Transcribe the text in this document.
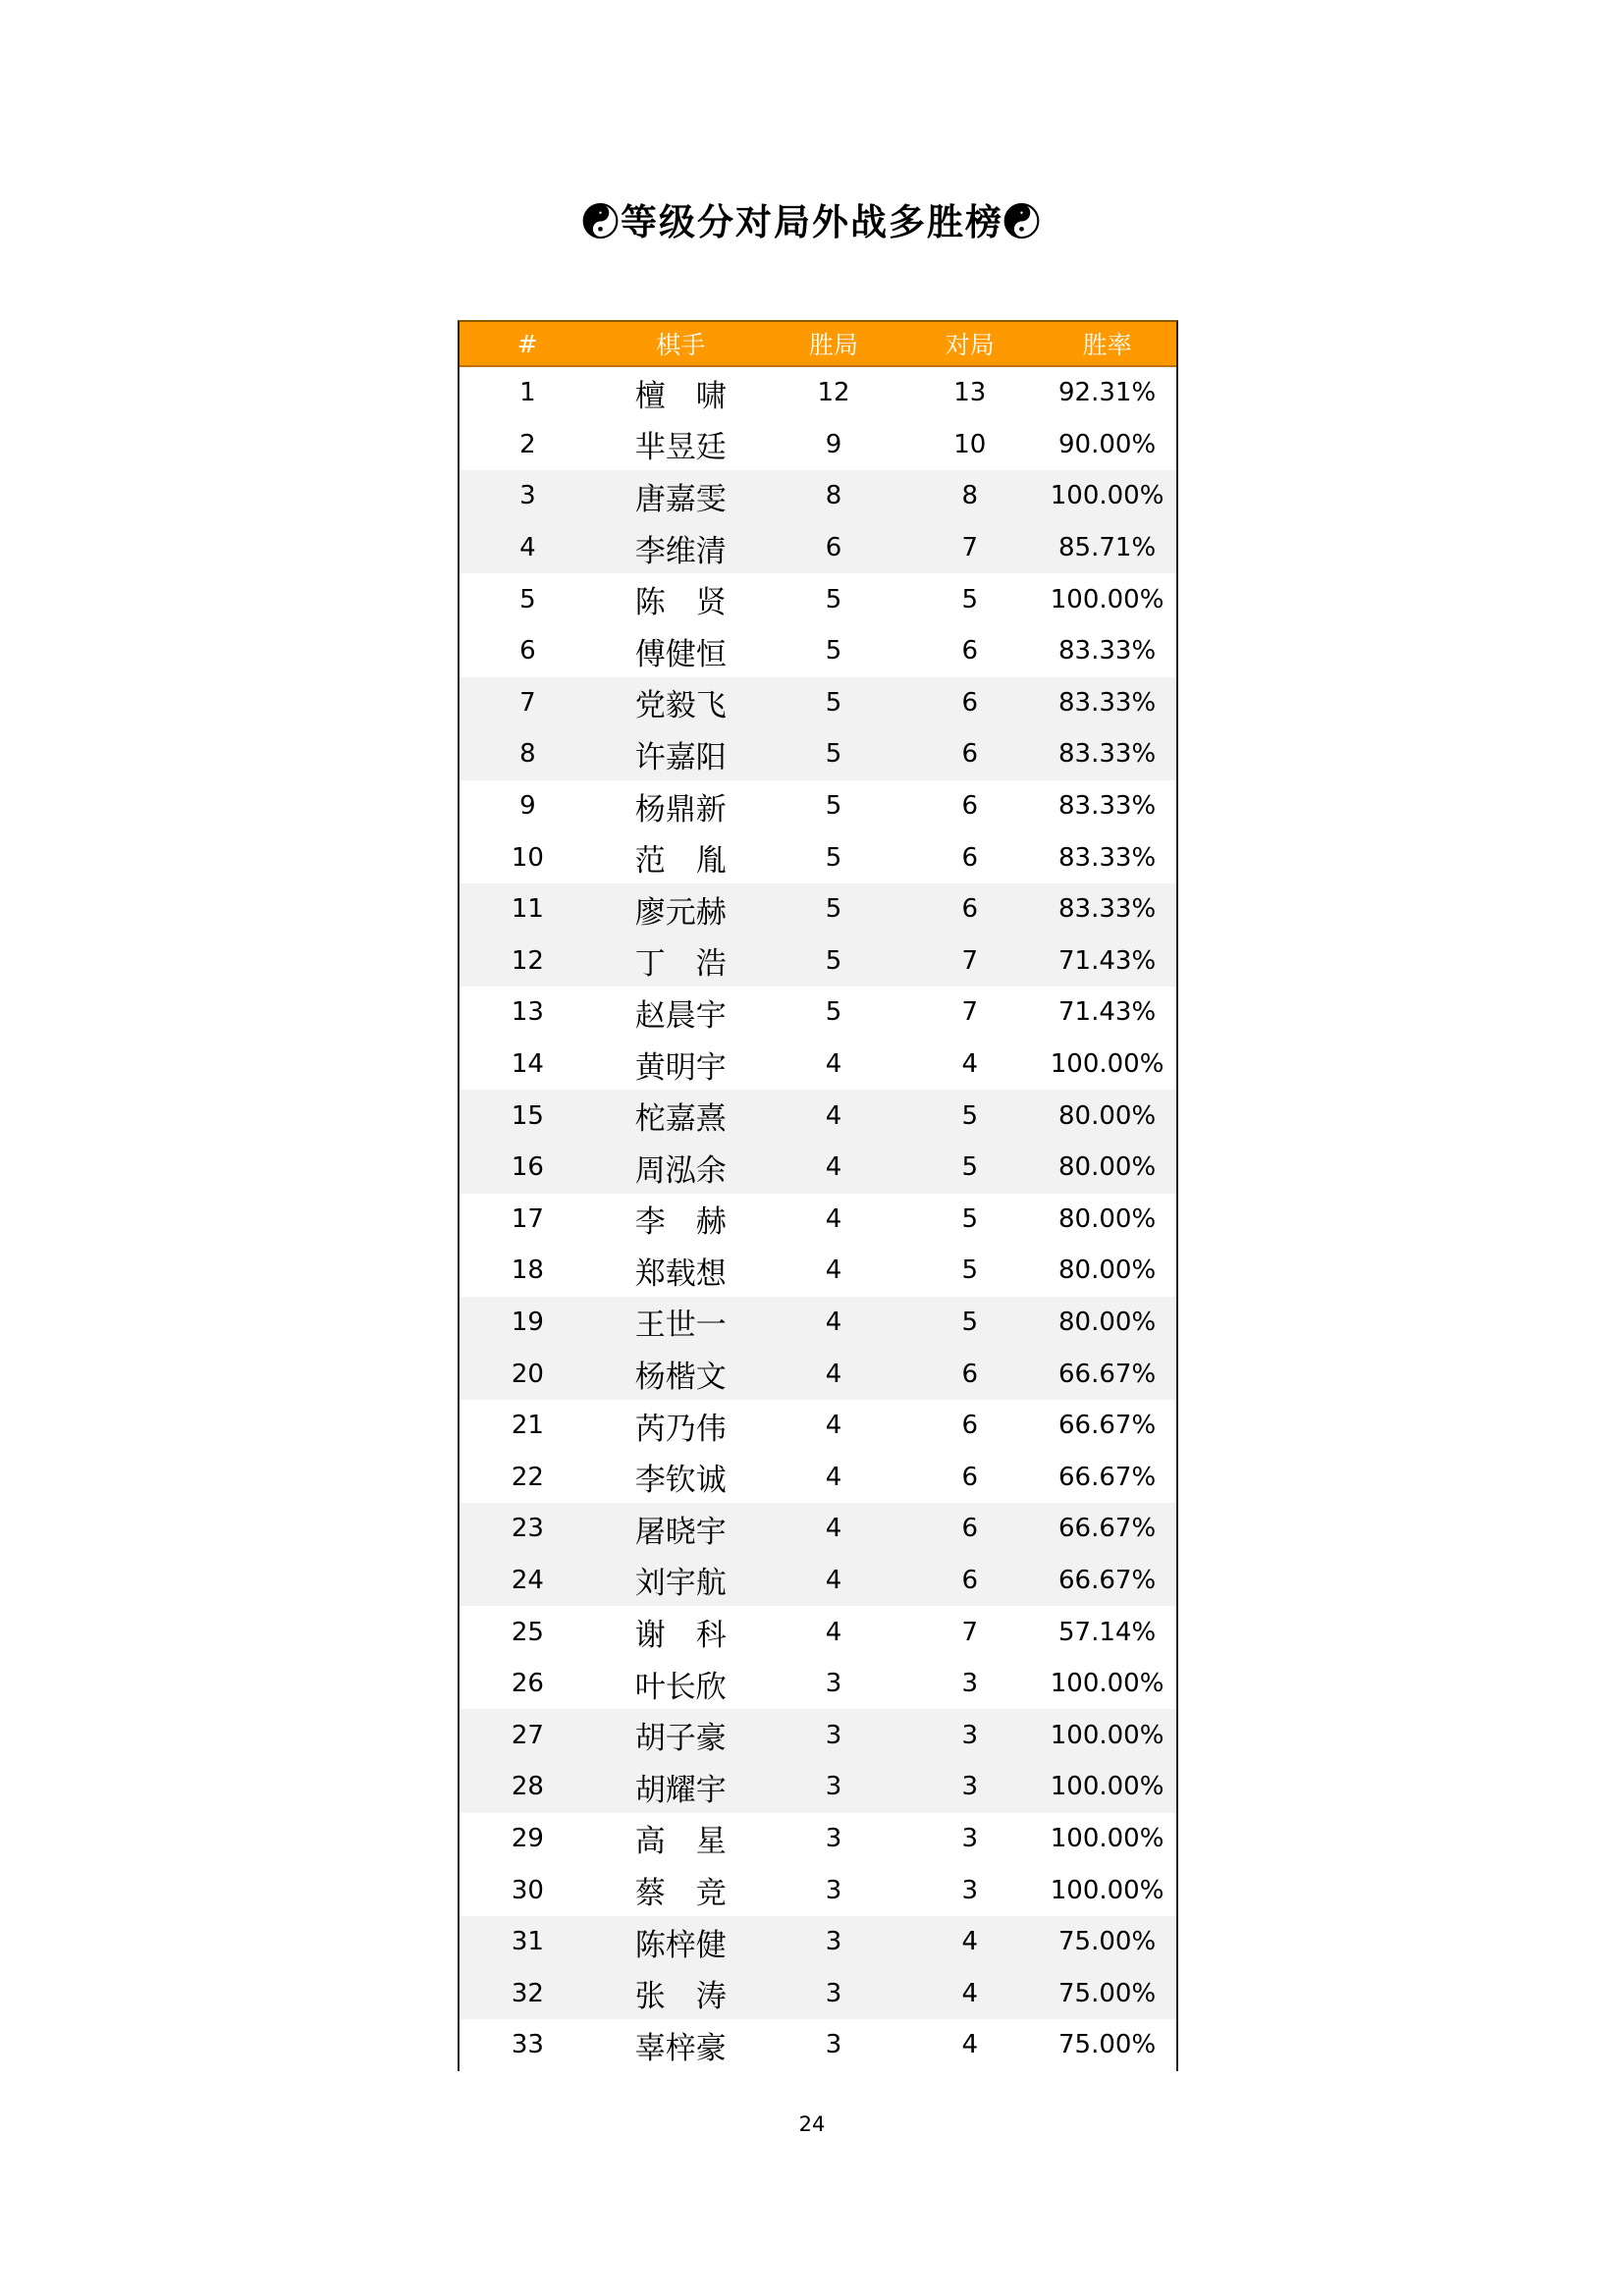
☯等级分对局外战多胜榜☯
#	棋手	胜局	对局	胜率
1	檀　啸	12	13	92.31%
2	芈昱廷	9	10	90.00%
3	唐嘉雯	8	8	100.00%
4	李维清	6	7	85.71%
5	陈　贤	5	5	100.00%
6	傅健恒	5	6	83.33%
7	党毅飞	5	6	83.33%
8	许嘉阳	5	6	83.33%
9	杨鼎新	5	6	83.33%
10	范　胤	5	6	83.33%
11	廖元赫	5	6	83.33%
12	丁　浩	5	7	71.43%
13	赵晨宇	5	7	71.43%
14	黄明宇	4	4	100.00%
15	柁嘉熹	4	5	80.00%
16	周泓余	4	5	80.00%
17	李　赫	4	5	80.00%
18	郑载想	4	5	80.00%
19	王世一	4	5	80.00%
20	杨楷文	4	6	66.67%
21	芮乃伟	4	6	66.67%
22	李钦诚	4	6	66.67%
23	屠晓宇	4	6	66.67%
24	刘宇航	4	6	66.67%
25	谢　科	4	7	57.14%
26	叶长欣	3	3	100.00%
27	胡子豪	3	3	100.00%
28	胡耀宇	3	3	100.00%
29	高　星	3	3	100.00%
30	蔡　竞	3	3	100.00%
31	陈梓健	3	4	75.00%
32	张　涛	3	4	75.00%
33	辜梓豪	3	4	75.00%
24
